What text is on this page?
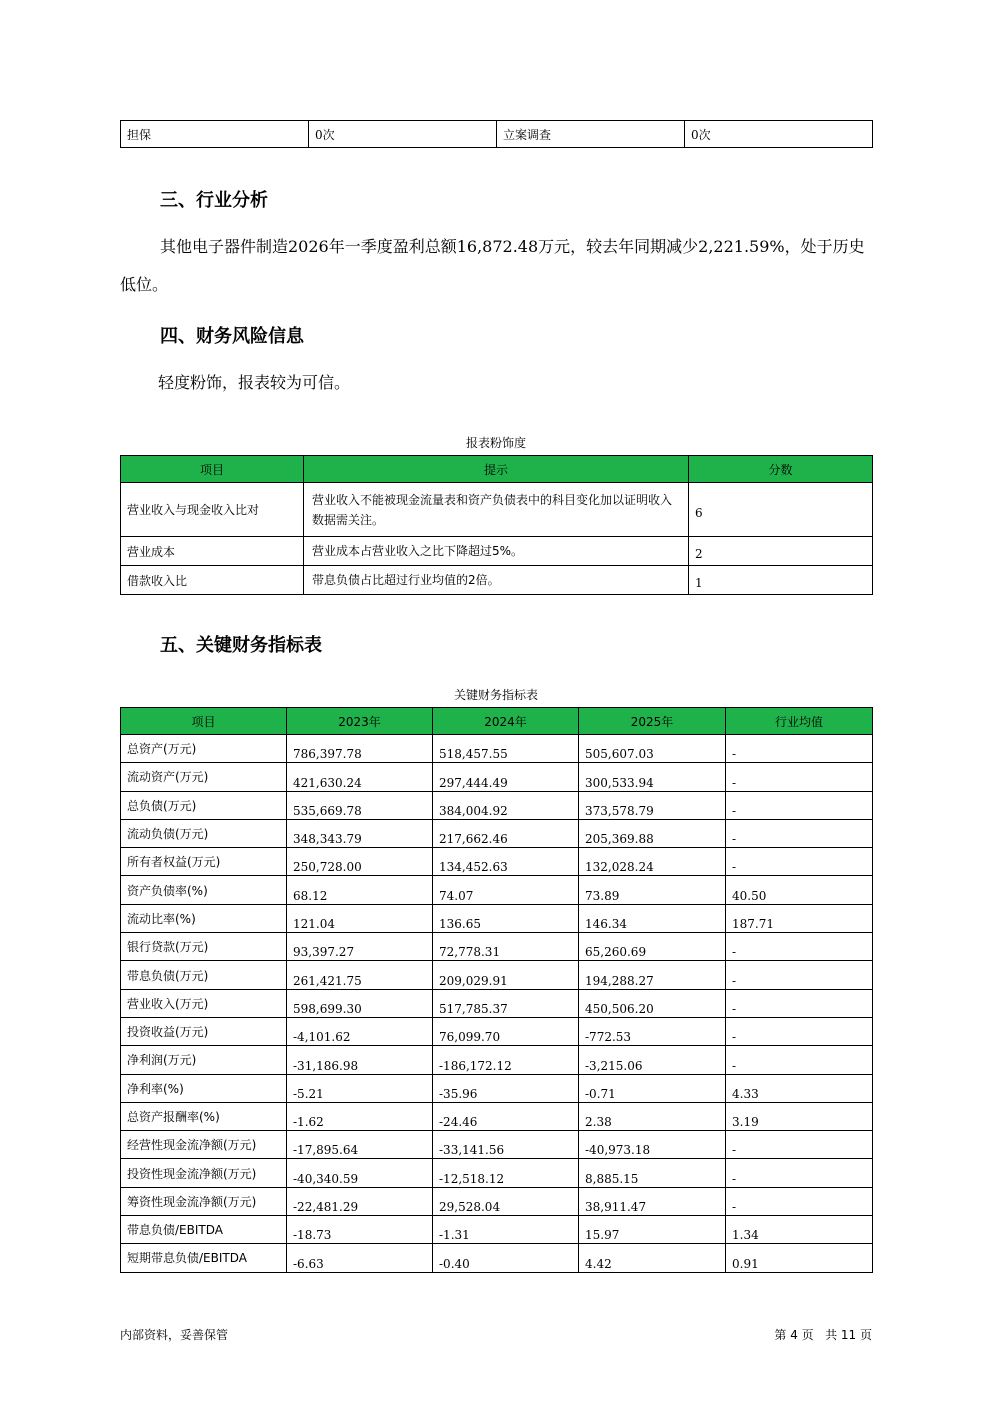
担保	0次	立案调查	0次
三、行业分析
其他电子器件制造2026年一季度盈利总额16,872.48万元，较去年同期减少2,221.59%，处于历史低位。
四、财务风险信息
轻度粉饰，报表较为可信。
报表粉饰度
项目	提示	分数
营业收入与现金收入比对	营业收入不能被现金流量表和资产负债表中的科目变化加以证明收入数据需关注。	6
营业成本	营业成本占营业收入之比下降超过5%。	2
借款收入比	带息负债占比超过行业均值的2倍。	1
五、关键财务指标表
关键财务指标表
项目	2023年	2024年	2025年	行业均值
总资产(万元)	786,397.78	518,457.55	505,607.03	-
流动资产(万元)	421,630.24	297,444.49	300,533.94	-
总负债(万元)	535,669.78	384,004.92	373,578.79	-
流动负债(万元)	348,343.79	217,662.46	205,369.88	-
所有者权益(万元)	250,728.00	134,452.63	132,028.24	-
资产负债率(%)	68.12	74.07	73.89	40.50
流动比率(%)	121.04	136.65	146.34	187.71
银行贷款(万元)	93,397.27	72,778.31	65,260.69	-
带息负债(万元)	261,421.75	209,029.91	194,288.27	-
营业收入(万元)	598,699.30	517,785.37	450,506.20	-
投资收益(万元)	-4,101.62	76,099.70	-772.53	-
净利润(万元)	-31,186.98	-186,172.12	-3,215.06	-
净利率(%)	-5.21	-35.96	-0.71	4.33
总资产报酬率(%)	-1.62	-24.46	2.38	3.19
经营性现金流净额(万元)	-17,895.64	-33,141.56	-40,973.18	-
投资性现金流净额(万元)	-40,340.59	-12,518.12	8,885.15	-
筹资性现金流净额(万元)	-22,481.29	29,528.04	38,911.47	-
带息负债/EBITDA	-18.73	-1.31	15.97	1.34
短期带息负债/EBITDA	-6.63	-0.40	4.42	0.91
内部资料，妥善保管	第 4 页   共 11 页
